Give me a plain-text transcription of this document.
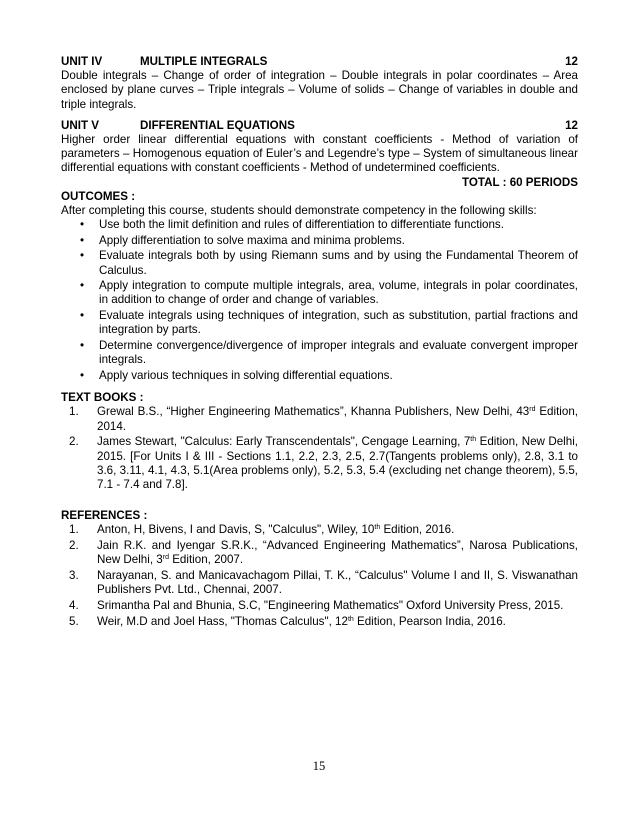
UNIT IV	MULTIPLE INTEGRALS	12

Double integrals – Change of order of integration – Double integrals in polar coordinates – Area enclosed by plane curves – Triple integrals – Volume of solids – Change of variables in double and triple integrals.

UNIT V	DIFFERENTIAL EQUATIONS	12

Higher order linear differential equations with constant coefficients - Method of variation of parameters – Homogenous equation of Euler’s and Legendre’s type – System of simultaneous linear differential equations with constant coefficients - Method of undetermined coefficients.

TOTAL : 60 PERIODS

OUTCOMES :

After completing this course, students should demonstrate competency in the following skills:

• Use both the limit definition and rules of differentiation to differentiate functions.
• Apply differentiation to solve maxima and minima problems.
• Evaluate integrals both by using Riemann sums and by using the Fundamental Theorem of Calculus.
• Apply integration to compute multiple integrals, area, volume, integrals in polar coordinates, in addition to change of order and change of variables.
• Evaluate integrals using techniques of integration, such as substitution, partial fractions and integration by parts.
• Determine convergence/divergence of improper integrals and evaluate convergent improper integrals.
• Apply various techniques in solving differential equations.

TEXT BOOKS :

1. Grewal B.S., “Higher Engineering Mathematics”, Khanna Publishers, New Delhi, 43rd Edition, 2014.
2. James Stewart, "Calculus: Early Transcendentals", Cengage Learning, 7th Edition, New Delhi, 2015. [For Units I & III - Sections 1.1, 2.2, 2.3, 2.5, 2.7(Tangents problems only), 2.8, 3.1 to 3.6, 3.11, 4.1, 4.3, 5.1(Area problems only), 5.2, 5.3, 5.4 (excluding net change theorem), 5.5, 7.1 - 7.4 and 7.8].

REFERENCES :

1. Anton, H, Bivens, I and Davis, S, "Calculus", Wiley, 10th Edition, 2016.
2. Jain R.K. and Iyengar S.R.K., “Advanced Engineering Mathematics”, Narosa Publications, New Delhi, 3rd Edition, 2007.
3. Narayanan, S. and Manicavachagom Pillai, T. K., “Calculus" Volume I and II, S. Viswanathan Publishers Pvt. Ltd., Chennai, 2007.
4. Srimantha Pal and Bhunia, S.C, "Engineering Mathematics" Oxford University Press, 2015.
5. Weir, M.D and Joel Hass, "Thomas Calculus", 12th Edition, Pearson India, 2016.
15
